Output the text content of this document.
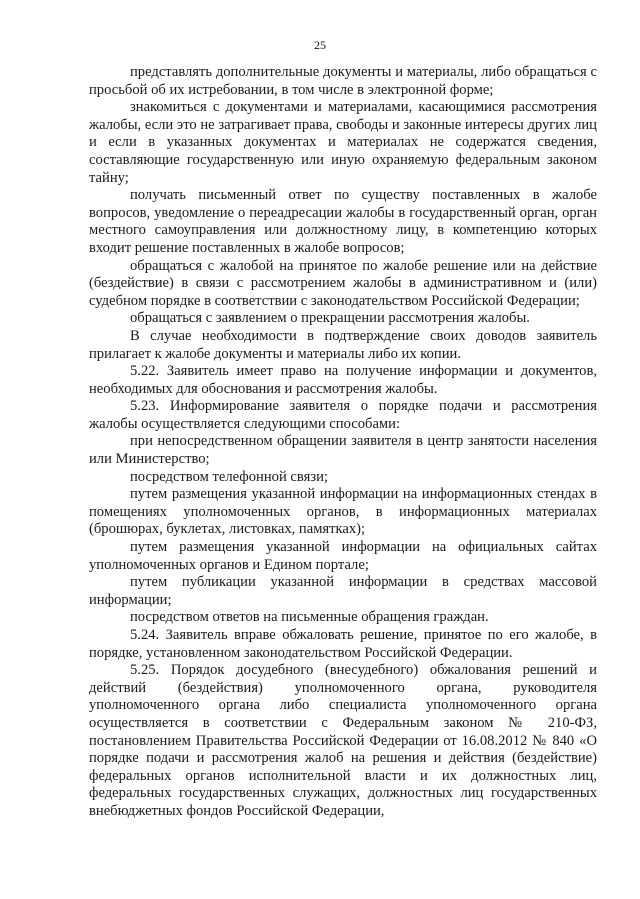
25

представлять дополнительные документы и материалы, либо обращаться с просьбой об их истребовании, в том числе в электронной форме;

знакомиться с документами и материалами, касающимися рассмотрения жалобы, если это не затрагивает права, свободы и законные интересы других лиц и если в указанных документах и материалах не содержатся сведения, составляющие государственную или иную охраняемую федеральным законом тайну;

получать письменный ответ по существу поставленных в жалобе вопросов, уведомление о переадресации жалобы в государственный орган, орган местного самоуправления или должностному лицу, в компетенцию которых входит решение поставленных в жалобе вопросов;

обращаться с жалобой на принятое по жалобе решение или на действие (бездействие) в связи с рассмотрением жалобы в административном и (или) судебном порядке в соответствии с законодательством Российской Федерации;

обращаться с заявлением о прекращении рассмотрения жалобы.

В случае необходимости в подтверждение своих доводов заявитель прилагает к жалобе документы и материалы либо их копии.

5.22. Заявитель имеет право на получение информации и документов, необходимых для обоснования и рассмотрения жалобы.

5.23. Информирование заявителя о порядке подачи и рассмотрения жалобы осуществляется следующими способами:

при непосредственном обращении заявителя в центр занятости населения или Министерство;

посредством телефонной связи;

путем размещения указанной информации на информационных стендах в помещениях уполномоченных органов, в информационных материалах (брошюрах, буклетах, листовках, памятках);

путем размещения указанной информации на официальных сайтах уполномоченных органов и Едином портале;

путем публикации указанной информации в средствах массовой информации;

посредством ответов на письменные обращения граждан.

5.24. Заявитель вправе обжаловать решение, принятое по его жалобе, в порядке, установленном законодательством Российской Федерации.

5.25. Порядок досудебного (внесудебного) обжалования решений и действий (бездействия) уполномоченного органа, руководителя уполномоченного органа либо специалиста уполномоченного органа осуществляется в соответствии с Федеральным законом № 210-ФЗ, постановлением Правительства Российской Федерации от 16.08.2012 № 840 «О порядке подачи и рассмотрения жалоб на решения и действия (бездействие) федеральных органов исполнительной власти и их должностных лиц, федеральных государственных служащих, должностных лиц государственных внебюджетных фондов Российской Федерации,
